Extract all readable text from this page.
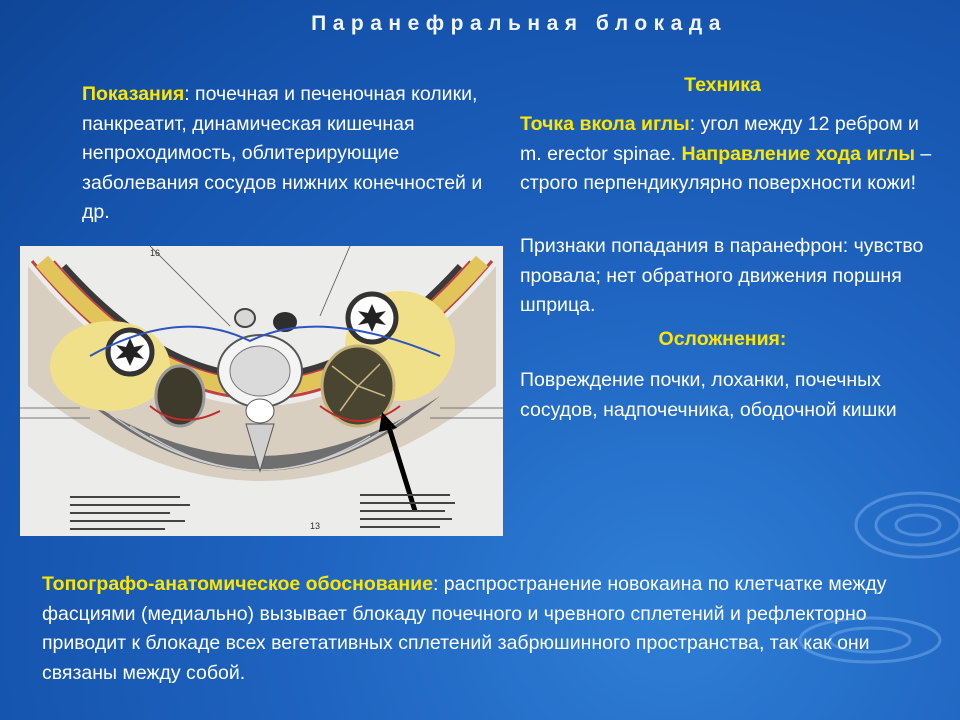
Паранефральная блокада
Показания: почечная и печеночная колики, панкреатит, динамическая кишечная непроходимость, облитерирующие заболевания сосудов нижних конечностей и др.
Техника
Точка вкола иглы: угол между 12 ребром и m. erector spinae. Направление хода иглы – строго перпендикулярно поверхности кожи!
Признаки попадания в паранефрон: чувство провала; нет обратного движения поршня шприца.
Осложнения:
Повреждение почки, лоханки, почечных сосудов, надпочечника, ободочной кишки
16
13
Топографо-анатомическое обоснование: распространение новокаина по клетчатке между фасциями (медиально) вызывает блокаду почечного и чревного сплетений и рефлекторно приводит к блокаде всех вегетативных сплетений забрюшинного пространства, так как они связаны между собой.
